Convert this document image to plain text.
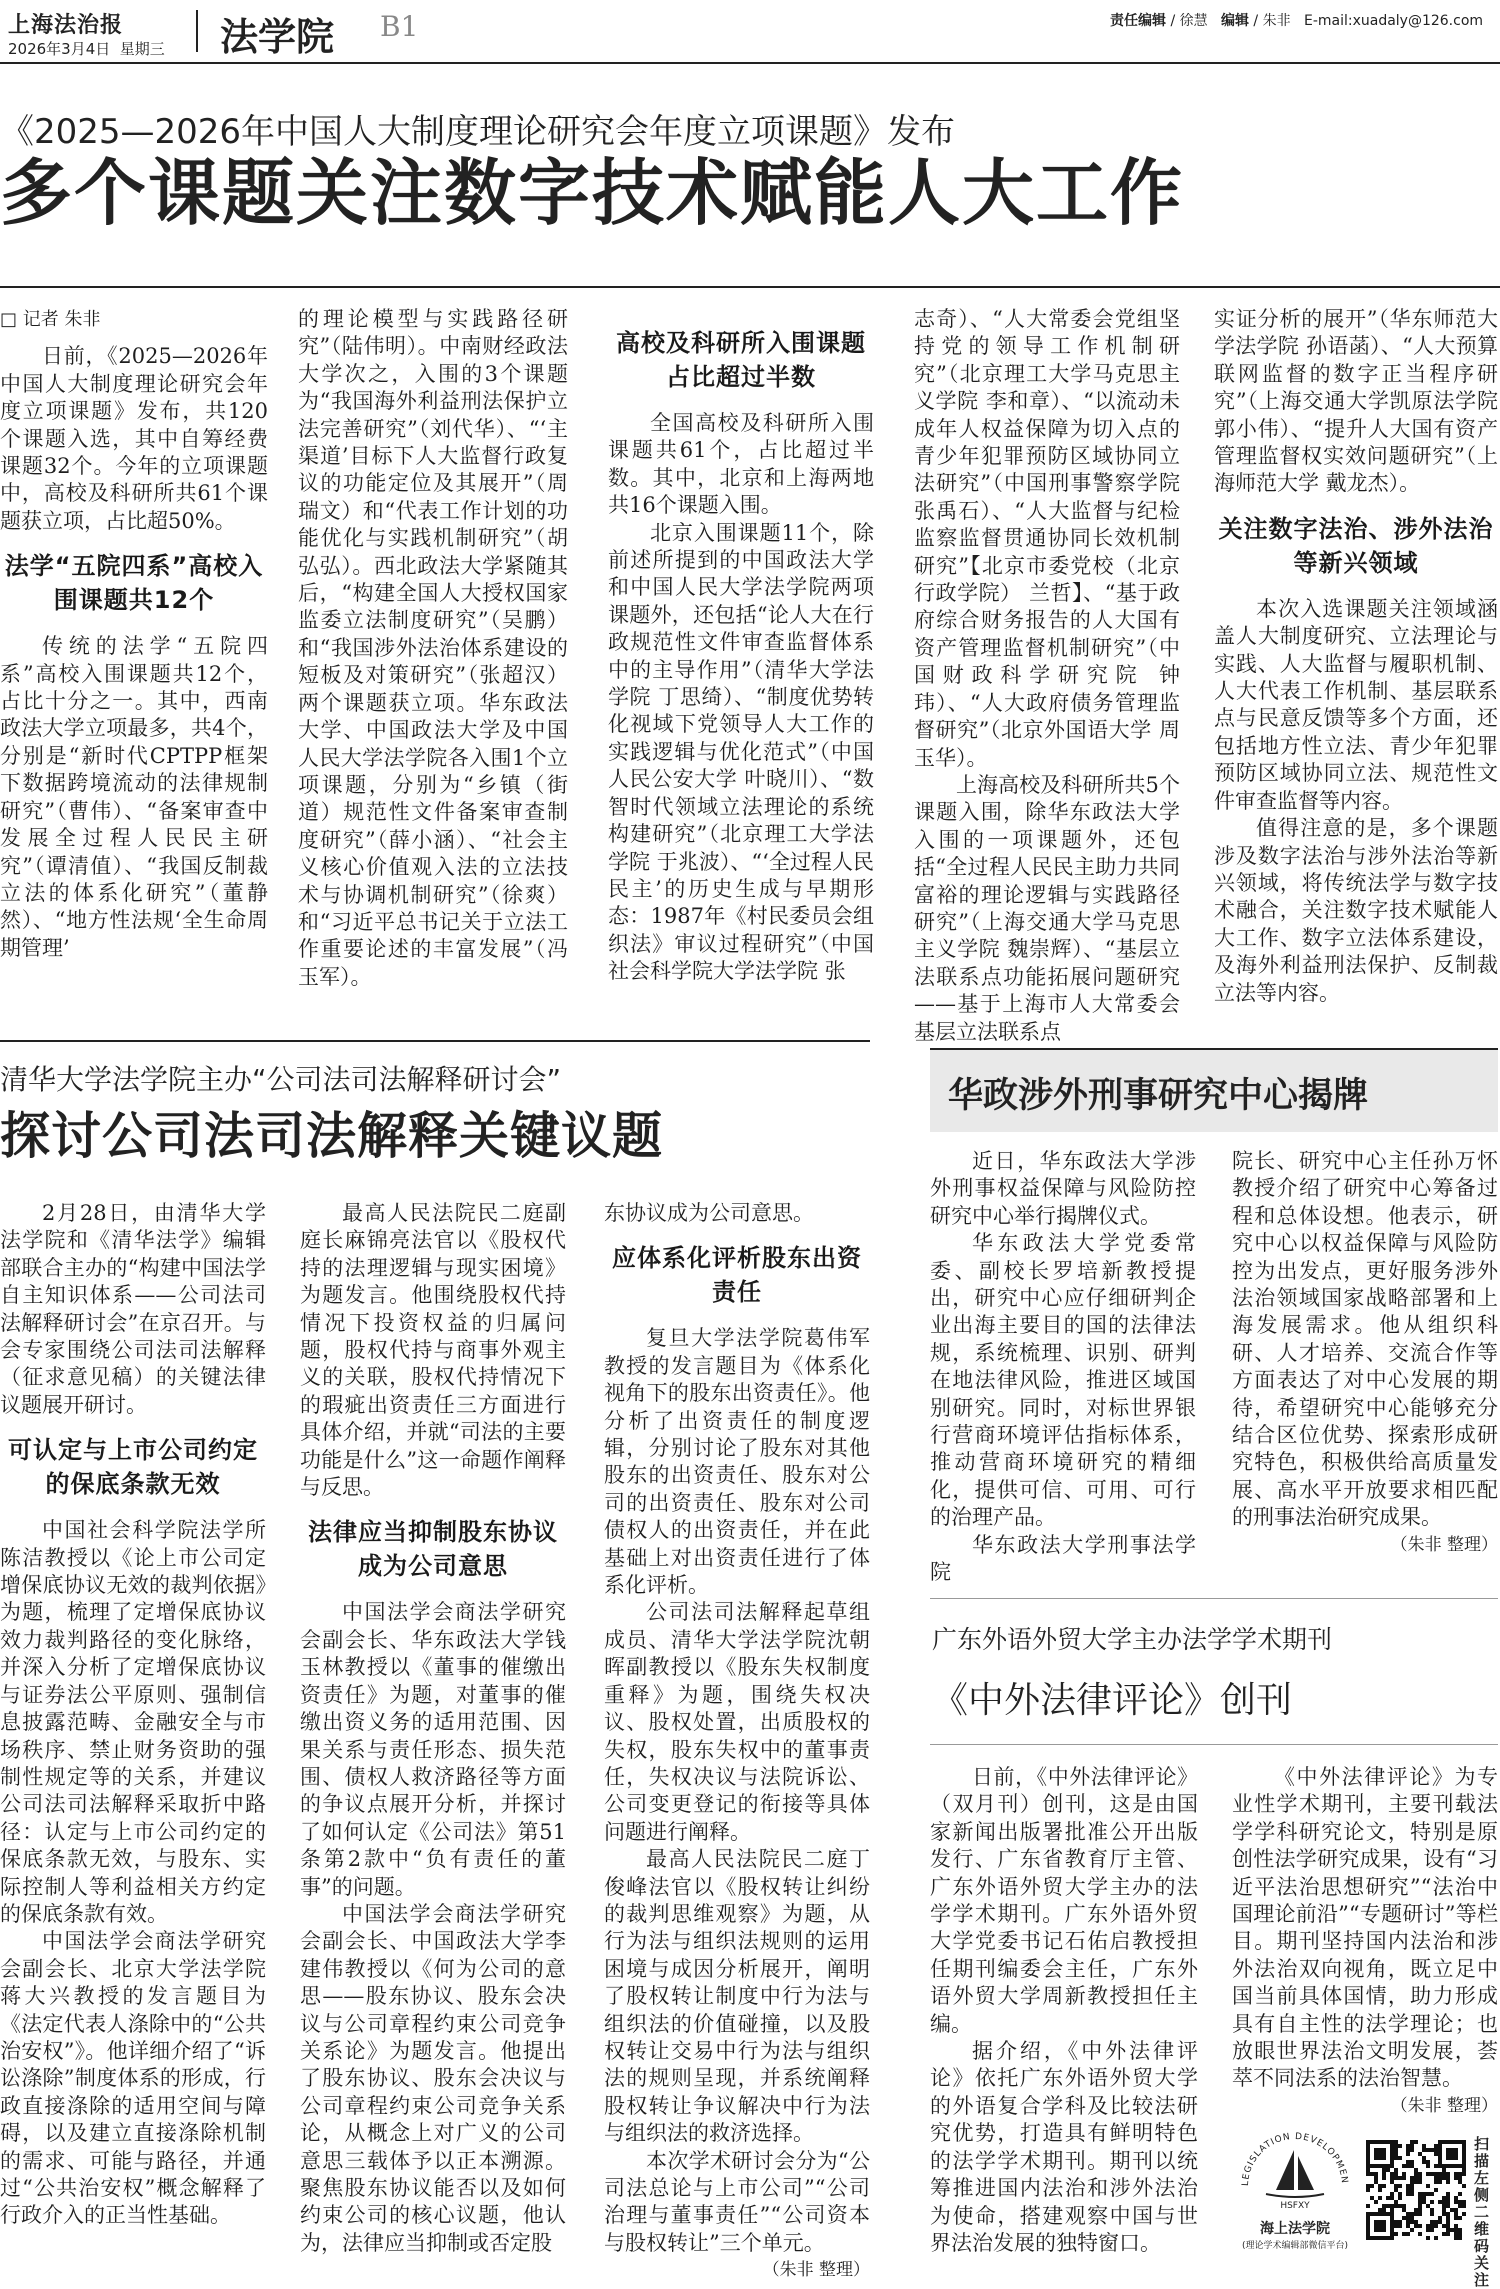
上海法治报
2026年3月4日  星期三 法学院 B1	责任编辑 / 徐慧 编辑 / 朱非 E-mail:xuadaly@126.com
《2025—2026年中国人大制度理论研究会年度立项课题》发布
多个课题关注数字技术赋能人大工作
□ 记者 朱非

日前，《2025—2026年中国人大制度理论研究会年度立项课题》发布，共120个课题入选，其中自筹经费课题32个。今年的立项课题中，高校及科研所共61个课题获立项，占比超50%。

法学“五院四系”高校入围课题共12个

传统的法学“五院四系”高校入围课题共12个，占比十分之一。其中，西南政法大学立项最多，共4个，分别是“新时代CPTPP框架下数据跨境流动的法律规制研究”（曹伟）、“备案审查中发展全过程人民民主研究”（谭清值）、“我国反制裁立法的体系化研究”（董静然）、“地方性法规‘全生命周期管理’

的理论模型与实践路径研究”（陆伟明）。中南财经政法大学次之，入围的3个课题为“我国海外利益刑法保护立法完善研究”（刘代华）、“‘主渠道’目标下人大监督行政复议的功能定位及其展开”（周瑞文）和“代表工作计划的功能优化与实践机制研究”（胡弘弘）。西北政法大学紧随其后，“构建全国人大授权国家监委立法制度研究”（吴鹏）和“我国涉外法治体系建设的短板及对策研究”（张超汉）两个课题获立项。华东政法大学、中国政法大学及中国人民大学法学院各入围1个立项课题，分别为“乡镇（街道）规范性文件备案审查制度研究”（薛小涵）、“社会主义核心价值观入法的立法技术与协调机制研究”（徐爽）和“习近平总书记关于立法工作重要论述的丰富发展”（冯玉军）。

高校及科研所入围课题占比超过半数

全国高校及科研所入围课题共61个，占比超过半数。其中，北京和上海两地共16个课题入围。

北京入围课题11个，除前述所提到的中国政法大学和中国人民大学法学院两项课题外，还包括“论人大在行政规范性文件审查监督体系中的主导作用”（清华大学法学院 丁思绮）、“制度优势转化视域下党领导人大工作的实践逻辑与优化范式”（中国人民公安大学 叶晓川）、“数智时代领域立法理论的系统构建研究”（北京理工大学法学院 于兆波）、“‘全过程人民民主’的历史生成与早期形态：1987年《村民委员会组织法》审议过程研究”（中国社会科学院大学法学院 张

志奇）、“人大常委会党组坚持党的领导工作机制研究”（北京理工大学马克思主义学院 李和章）、“以流动未成年人权益保障为切入点的青少年犯罪预防区域协同立法研究”（中国刑事警察学院 张禹石）、“人大监督与纪检监察监督贯通协同长效机制研究”【北京市委党校（北京行政学院） 兰哲】、“基于政府综合财务报告的人大国有资产管理监督机制研究”（中国财政科学研究院 钟玮）、“人大政府债务管理监督研究”（北京外国语大学 周玉华）。

上海高校及科研所共5个课题入围，除华东政法大学入围的一项课题外，还包括“全过程人民民主助力共同富裕的理论逻辑与实践路径研究”（上海交通大学马克思主义学院 魏崇辉）、“基层立法联系点功能拓展问题研究——基于上海市人大常委会基层立法联系点

实证分析的展开”（华东师范大学法学院 孙语菡）、“人大预算联网监督的数字正当程序研究”（上海交通大学凯原法学院 郭小伟）、“提升人大国有资产管理监督权实效问题研究”（上海师范大学 戴龙杰）。

关注数字法治、涉外法治等新兴领域

本次入选课题关注领域涵盖人大制度研究、立法理论与实践、人大监督与履职机制、人大代表工作机制、基层联系点与民意反馈等多个方面，还包括地方性立法、青少年犯罪预防区域协同立法、规范性文件审查监督等内容。

值得注意的是，多个课题涉及数字法治与涉外法治等新兴领域，将传统法学与数字技术融合，关注数字技术赋能人大工作、数字立法体系建设，及海外利益刑法保护、反制裁立法等内容。

清华大学法学院主办“公司法司法解释研讨会”
探讨公司法司法解释关键议题

2月28日，由清华大学法学院和《清华法学》编辑部联合主办的“构建中国法学自主知识体系——公司法司法解释研讨会”在京召开。与会专家围绕公司法司法解释（征求意见稿）的关键法律议题展开研讨。

可认定与上市公司约定的保底条款无效

中国社会科学院法学所陈洁教授以《论上市公司定增保底协议无效的裁判依据》为题，梳理了定增保底协议效力裁判路径的变化脉络，并深入分析了定增保底协议与证券法公平原则、强制信息披露范畴、金融安全与市场秩序、禁止财务资助的强制性规定等的关系，并建议公司法司法解释采取折中路径：认定与上市公司约定的保底条款无效，与股东、实际控制人等利益相关方约定的保底条款有效。

中国法学会商法学研究会副会长、北京大学法学院蒋大兴教授的发言题目为《法定代表人涤除中的“公共治安权”》。他详细介绍了“诉讼涤除”制度体系的形成，行政直接涤除的适用空间与障碍，以及建立直接涤除机制的需求、可能与路径，并通过“公共治安权”概念解释了行政介入的正当性基础。

最高人民法院民二庭副庭长麻锦亮法官以《股权代持的法理逻辑与现实困境》为题发言。他围绕股权代持情况下投资权益的归属问题，股权代持与商事外观主义的关联，股权代持情况下的瑕疵出资责任三方面进行具体介绍，并就“司法的主要功能是什么”这一命题作阐释与反思。

法律应当抑制股东协议成为公司意思

中国法学会商法学研究会副会长、华东政法大学钱玉林教授以《董事的催缴出资责任》为题，对董事的催缴出资义务的适用范围、因果关系与责任形态、损失范围、债权人救济路径等方面的争议点展开分析，并探讨了如何认定《公司法》第51条第2款中“负有责任的董事”的问题。

中国法学会商法学研究会副会长、中国政法大学李建伟教授以《何为公司的意思——股东协议、股东会决议与公司章程约束公司竞争关系论》为题发言。他提出了股东协议、股东会决议与公司章程约束公司竞争关系论，从概念上对广义的公司意思三载体予以正本溯源。聚焦股东协议能否以及如何约束公司的核心议题，他认为，法律应当抑制或否定股

东协议成为公司意思。

应体系化评析股东出资责任

复旦大学法学院葛伟军教授的发言题目为《体系化视角下的股东出资责任》。他分析了出资责任的制度逻辑，分别讨论了股东对其他股东的出资责任、股东对公司的出资责任、股东对公司债权人的出资责任，并在此基础上对出资责任进行了体系化评析。

公司法司法解释起草组成员、清华大学法学院沈朝晖副教授以《股东失权制度重释》为题，围绕失权决议、股权处置，出质股权的失权，股东失权中的董事责任，失权决议与法院诉讼、公司变更登记的衔接等具体问题进行阐释。

最高人民法院民二庭丁俊峰法官以《股权转让纠纷的裁判思维观察》为题，从行为法与组织法规则的运用困境与成因分析展开，阐明了股权转让制度中行为法与组织法的价值碰撞，以及股权转让交易中行为法与组织法的规则呈现，并系统阐释股权转让争议解决中行为法与组织法的救济选择。

本次学术研讨会分为“公司法总论与上市公司”“公司治理与董事责任”“公司资本与股权转让”三个单元。

（朱非 整理）
华政涉外刑事研究中心揭牌

近日，华东政法大学涉外刑事权益保障与风险防控研究中心举行揭牌仪式。

华东政法大学党委常委、副校长罗培新教授提出，研究中心应仔细研判企业出海主要目的国的法律法规，系统梳理、识别、研判在地法律风险，推进区域国别研究。同时，对标世界银行营商环境评估指标体系，推动营商环境研究的精细化，提供可信、可用、可行的治理产品。

华东政法大学刑事法学院

院长、研究中心主任孙万怀教授介绍了研究中心筹备过程和总体设想。他表示，研究中心以权益保障与风险防控为出发点，更好服务涉外法治领域国家战略部署和上海发展需求。他从组织科研、人才培养、交流合作等方面表达了对中心发展的期待，希望研究中心能够充分结合区位优势、探索形成研究特色，积极供给高质量发展、高水平开放要求相匹配的刑事法治研究成果。

（朱非 整理）
广东外语外贸大学主办法学学术期刊
《中外法律评论》创刊

日前，《中外法律评论》（双月刊）创刊，这是由国家新闻出版署批准公开出版发行、广东省教育厅主管、广东外语外贸大学主办的法学学术期刊。广东外语外贸大学党委书记石佑启教授担任期刊编委会主任，广东外语外贸大学周新教授担任主编。

据介绍，《中外法律评论》依托广东外语外贸大学的外语复合学科及比较法研究优势，打造具有鲜明特色的法学学术期刊。期刊以统筹推进国内法治和涉外法治为使命，搭建观察中国与世界法治发展的独特窗口。

《中外法律评论》为专业性学术期刊，主要刊载法学学科研究论文，特别是原创性法学研究成果，设有“习近平法治思想研究”“法治中国理论前沿”“专题研讨”等栏目。期刊坚持国内法治和涉外法治双向视角，既立足中国当前具体国情，助力形成具有自主性的法学理论；也放眼世界法治文明发展，荟萃不同法系的法治智慧。

（朱非 整理）
LEGISLATION DEVELOPMEN
HSFXY
海上法学院
(理论学术编辑部微信平台)
扫描左侧二维码关注
